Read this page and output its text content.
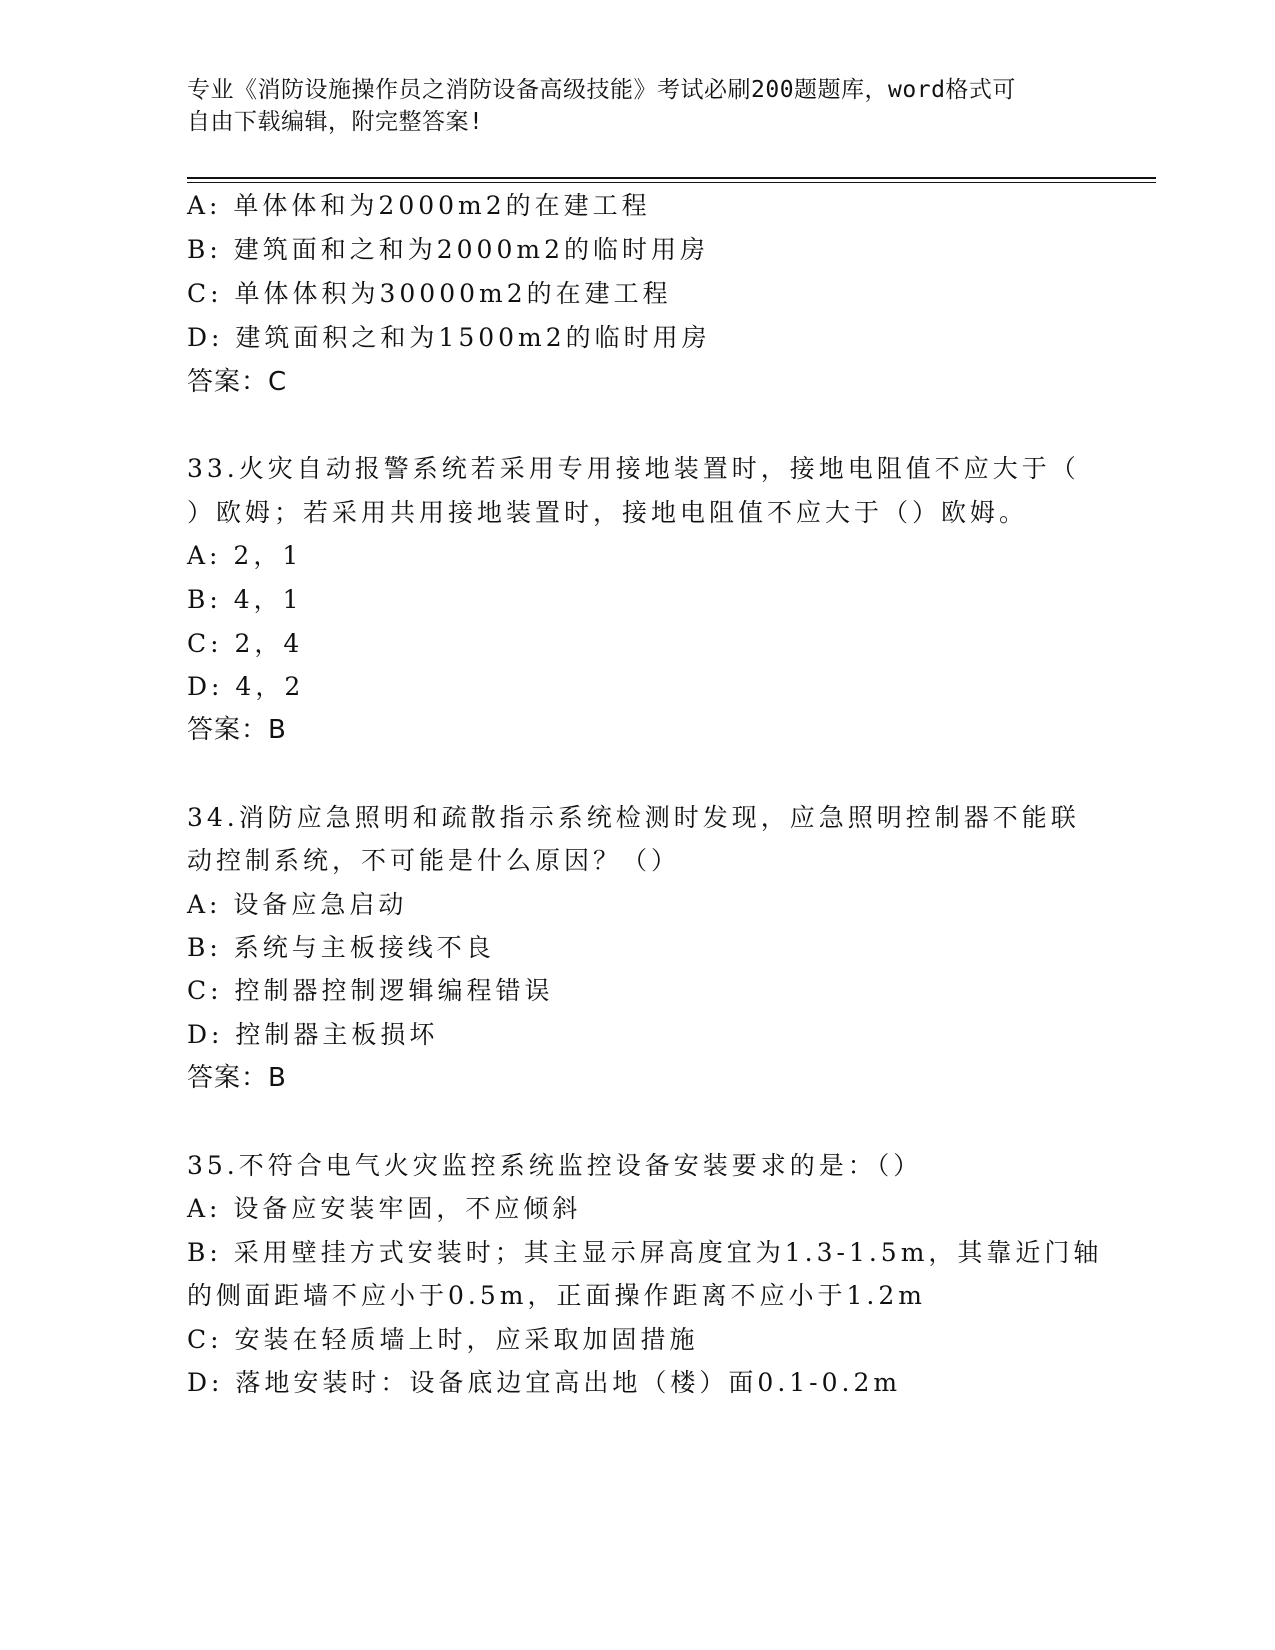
专业《消防设施操作员之消防设备高级技能》考试必刷200题题库，word格式可
自由下载编辑，附完整答案!
A: 单体体和为2000m2的在建工程
B: 建筑面和之和为2000m2的临时用房
C: 单体体积为30000m2的在建工程
D: 建筑面积之和为1500m2的临时用房
答案：C
33.火灾自动报警系统若采用专用接地装置时，接地电阻值不应大于（
）欧姆；若采用共用接地装置时，接地电阻值不应大于（）欧姆。
A: 2，1
B: 4，1
C: 2，4
D: 4，2
答案：B
34.消防应急照明和疏散指示系统检测时发现，应急照明控制器不能联
动控制系统，不可能是什么原因？（）
A: 设备应急启动
B: 系统与主板接线不良
C: 控制器控制逻辑编程错误
D: 控制器主板损坏
答案：B
35.不符合电气火灾监控系统监控设备安装要求的是：（）
A: 设备应安装牢固，不应倾斜
B: 采用壁挂方式安装时；其主显示屏高度宜为1.3-1.5m，其靠近门轴
的侧面距墙不应小于0.5m，正面操作距离不应小于1.2m
C: 安装在轻质墙上时，应采取加固措施
D: 落地安装时：设备底边宜高出地（楼）面0.1-0.2m
